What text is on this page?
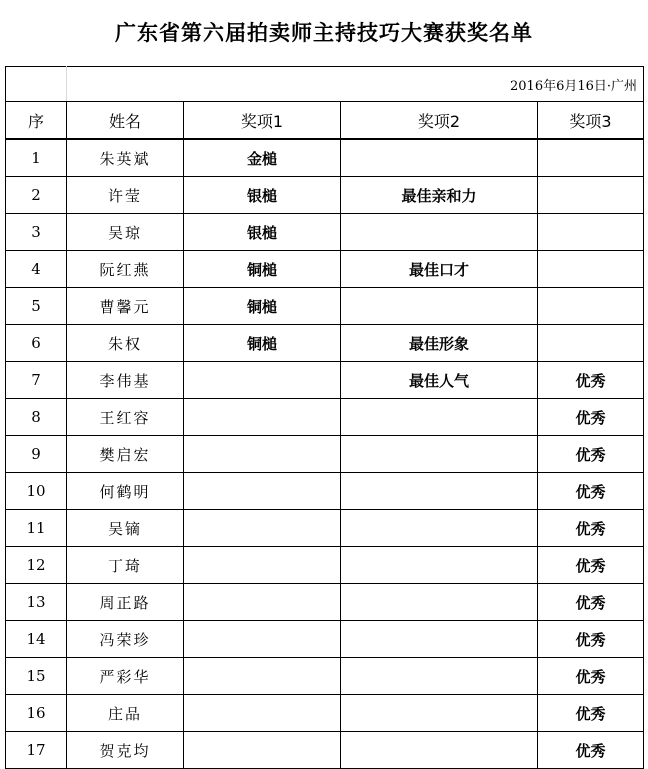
广东省第六届拍卖师主持技巧大赛获奖名单
	2016年6月16日·广州			
序	姓名	奖项1	奖项2	奖项3
1	朱英斌	金槌		
2	许莹	银槌	最佳亲和力	
3	吴琼	银槌		
4	阮红燕	铜槌	最佳口才	
5	曹馨元	铜槌		
6	朱权	铜槌	最佳形象	
7	李伟基		最佳人气	优秀
8	王红容			优秀
9	樊启宏			优秀
10	何鹤明			优秀
11	吴镝			优秀
12	丁琦			优秀
13	周正路			优秀
14	冯荣珍			优秀
15	严彩华			优秀
16	庄品			优秀
17	贺克均			优秀
